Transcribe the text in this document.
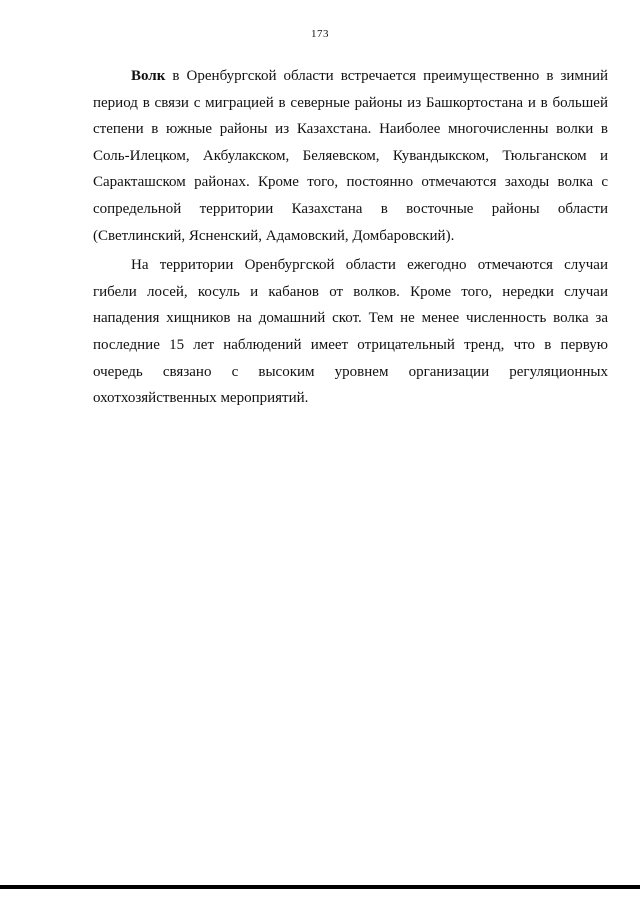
173

Волк в Оренбургской области встречается преимущественно в зимний период в связи с миграцией в северные районы из Башкортостана и в большей степени в южные районы из Казахстана. Наиболее многочисленны волки в Соль-Илецком, Акбулакском, Беляевском, Кувандыкском, Тюльганском и Саракташском районах. Кроме того, постоянно отмечаются заходы волка с сопредельной территории Казахстана в восточные районы области (Светлинский, Ясненский, Адамовский, Домбаровский).

На территории Оренбургской области ежегодно отмечаются случаи гибели лосей, косуль и кабанов от волков. Кроме того, нередки случаи нападения хищников на домашний скот. Тем не менее численность волка за последние 15 лет наблюдений имеет отрицательный тренд, что в первую очередь связано с высоким уровнем организации регуляционных охотхозяйственных мероприятий.
